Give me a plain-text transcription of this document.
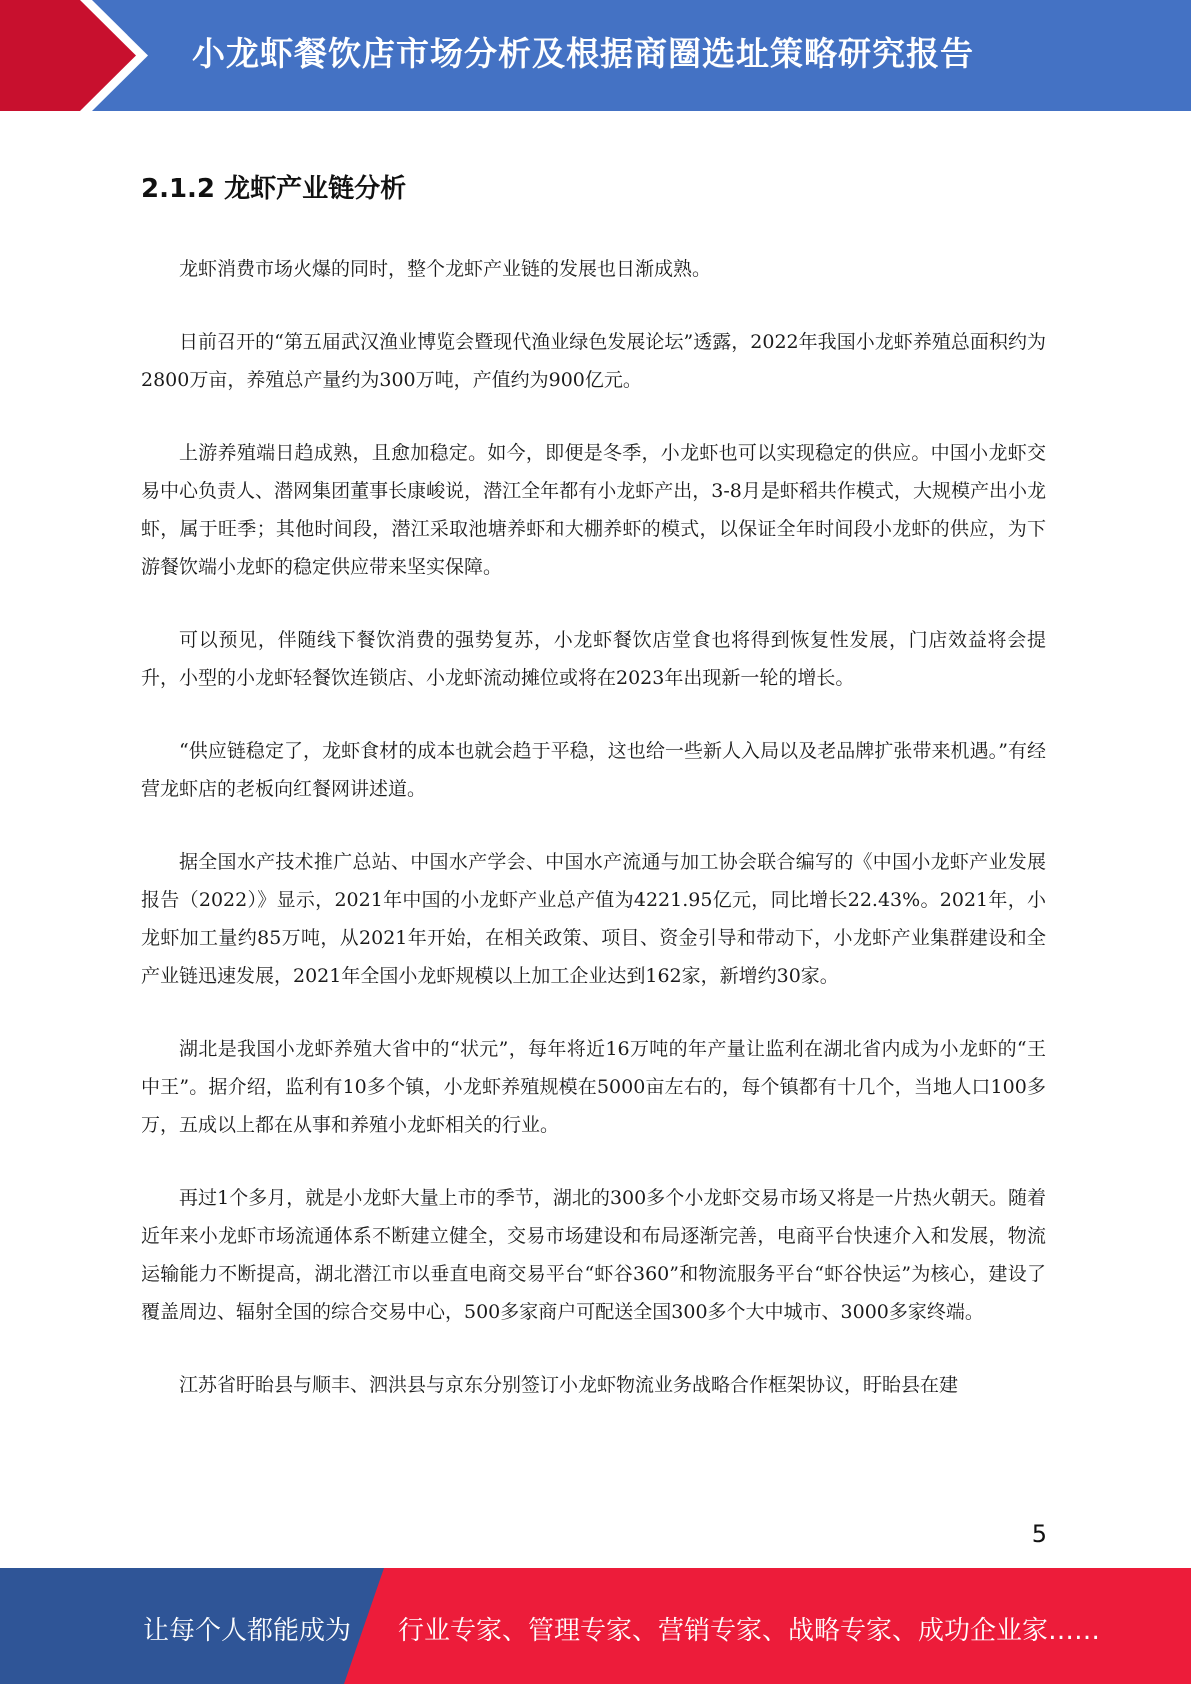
小龙虾餐饮店市场分析及根据商圈选址策略研究报告
2.1.2 龙虾产业链分析

龙虾消费市场火爆的同时，整个龙虾产业链的发展也日渐成熟。

日前召开的“第五届武汉渔业博览会暨现代渔业绿色发展论坛”透露，2022年我国小龙虾养殖总面积约为2800万亩，养殖总产量约为300万吨，产值约为900亿元。

上游养殖端日趋成熟，且愈加稳定。如今，即便是冬季，小龙虾也可以实现稳定的供应。中国小龙虾交易中心负责人、潜网集团董事长康峻说，潜江全年都有小龙虾产出，3-8月是虾稻共作模式，大规模产出小龙虾，属于旺季；其他时间段，潜江采取池塘养虾和大棚养虾的模式，以保证全年时间段小龙虾的供应，为下游餐饮端小龙虾的稳定供应带来坚实保障。

可以预见，伴随线下餐饮消费的强势复苏，小龙虾餐饮店堂食也将得到恢复性发展，门店效益将会提升，小型的小龙虾轻餐饮连锁店、小龙虾流动摊位或将在2023年出现新一轮的增长。

“供应链稳定了，龙虾食材的成本也就会趋于平稳，这也给一些新人入局以及老品牌扩张带来机遇。”有经营龙虾店的老板向红餐网讲述道。

据全国水产技术推广总站、中国水产学会、中国水产流通与加工协会联合编写的《中国小龙虾产业发展报告（2022）》显示，2021年中国的小龙虾产业总产值为4221.95亿元，同比增长22.43%。2021年，小龙虾加工量约85万吨，从2021年开始，在相关政策、项目、资金引导和带动下，小龙虾产业集群建设和全产业链迅速发展，2021年全国小龙虾规模以上加工企业达到162家，新增约30家。

湖北是我国小龙虾养殖大省中的“状元”，每年将近16万吨的年产量让监利在湖北省内成为小龙虾的“王中王”。据介绍，监利有10多个镇，小龙虾养殖规模在5000亩左右的，每个镇都有十几个，当地人口100多万，五成以上都在从事和养殖小龙虾相关的行业。

再过1个多月，就是小龙虾大量上市的季节，湖北的300多个小龙虾交易市场又将是一片热火朝天。随着近年来小龙虾市场流通体系不断建立健全，交易市场建设和布局逐渐完善，电商平台快速介入和发展，物流运输能力不断提高，湖北潜江市以垂直电商交易平台“虾谷360”和物流服务平台“虾谷快运”为核心，建设了覆盖周边、辐射全国的综合交易中心，500多家商户可配送全国300多个大中城市、3000多家终端。

江苏省盱眙县与顺丰、泗洪县与京东分别签订小龙虾物流业务战略合作框架协议，盱眙县在建

5
让每个人都能成为 行业专家、管理专家、营销专家、战略专家、成功企业家……
